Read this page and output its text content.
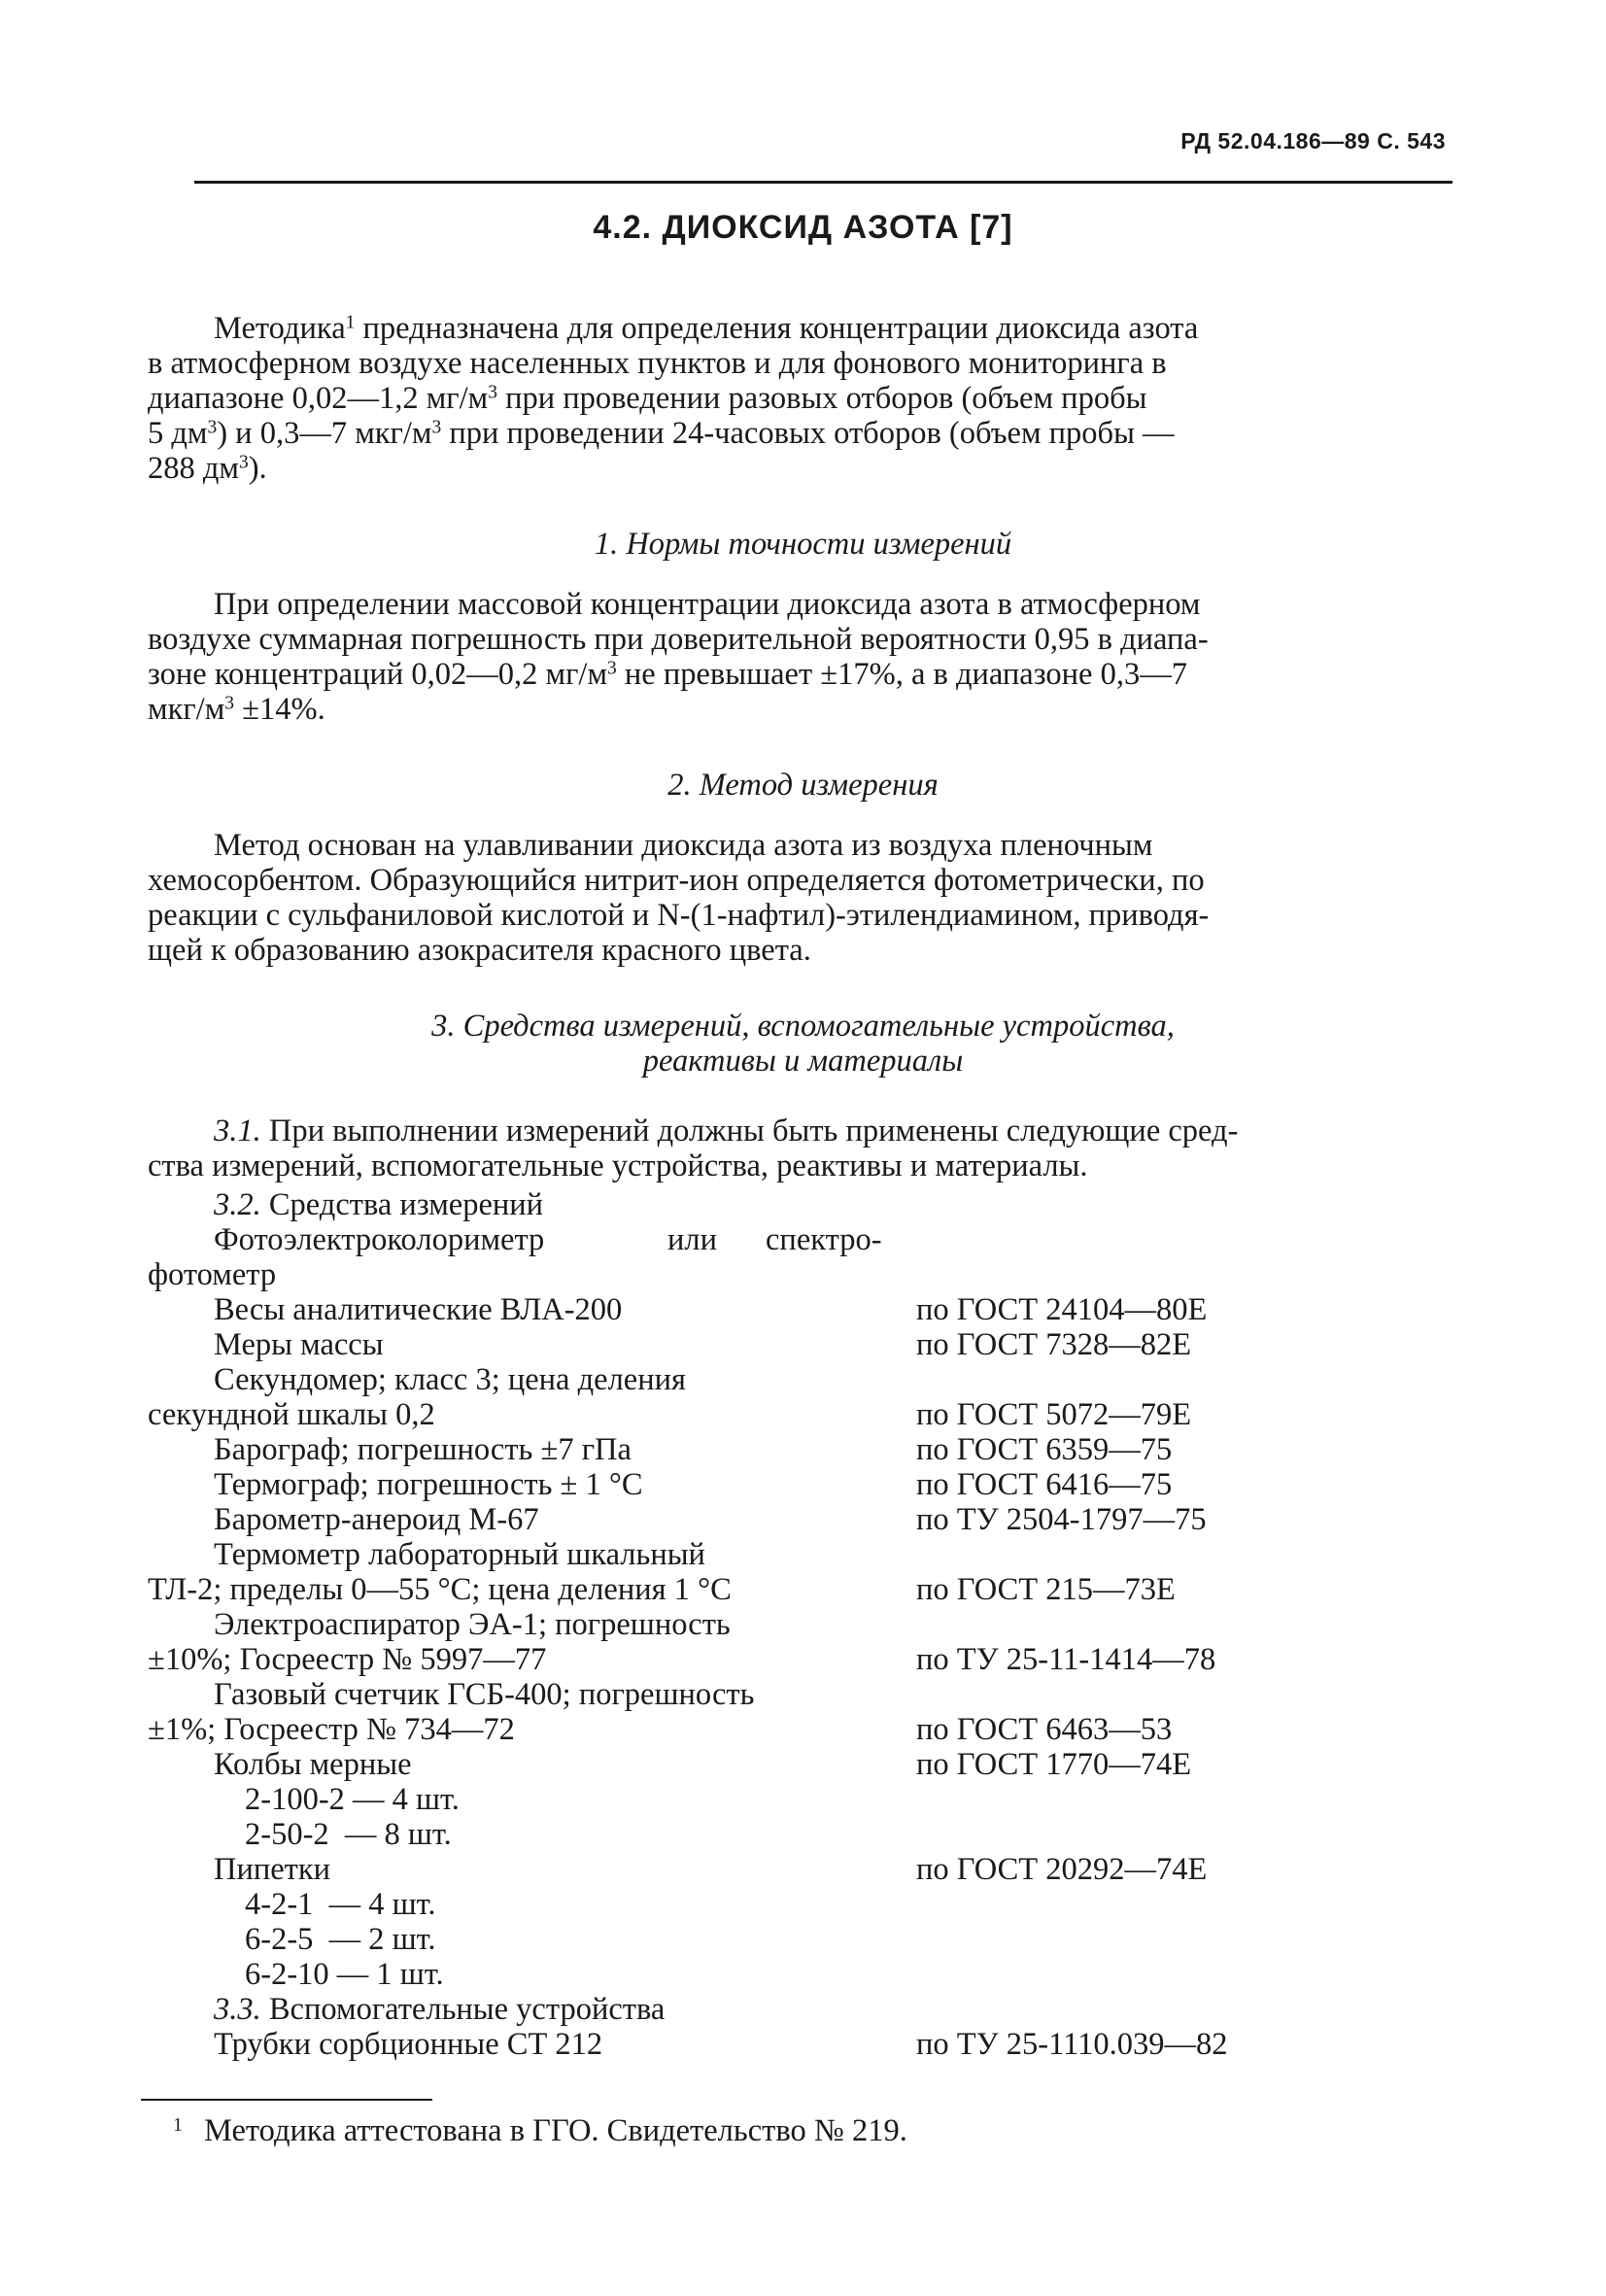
РД 52.04.186—89 С. 543
4.2. ДИОКСИД АЗОТА [7]
Методика$^1$ предназначена для определения концентрации диоксида азота
в атмосферном воздухе населенных пунктов и для фонового мониторинга в
диапазоне 0,02—1,2 $мг/м^3$ при проведении разовых отборов (объем пробы
5 $дм^3$) и 0,3—7 мкг/$м^3$ при проведении 24-часовых отборов (объем пробы —
288 $дм^3$).
1. Нормы точности измерений
При определении массовой концентрации диоксида азота в атмосферном
воздухе суммарная погрешность при доверительной вероятности 0,95 в диапа-
зоне концентраций 0,02—0,2 $мг/м^3$ не превышает ±17%, а в диапазоне 0,3—7
мкг/$м^3 \pm 14\%$.
2. Метод измерения
Метод основан на улавливании диоксида азота из воздуха пленочным
хемосорбентом. Образующийся нитрит-ион определяется фотометрически, по
реакции с сульфаниловой кислотой и N-(1-нафтил)-этилендиамином, приводя-
щей к образованию азокрасителя красного цвета.
3. Средства измерений, вспомогательные устройства,
реактивы и материалы
3.1. При выполнении измерений должны быть применены следующие сред-
ства измерений, вспомогательные устройства, реактивы и материалы.
3.2. Средства измерений
Фотоэлектроколориметр	или спектро-
фотометр
Весы аналитические ВЛА-200	по ГОСТ 24104—80Е
Меры массы	по ГОСТ 7328—82Е
Секундомер; класс 3; цена деления
секундной шкалы 0,2	по ГОСТ 5072—79Е
Барограф; погрешность ±7 гПа	по ГОСТ 6359—75
Термограф; погрешность ± 1 °С	по ГОСТ 6416—75
Барометр-анероид М-67	по ТУ 2504-1797—75
Термометр лабораторный шкальный
ТЛ-2; пределы 0—55 °С; цена деления 1 °С	по ГОСТ 215—73Е
Электроаспиратор ЭА-1; погрешность
±10%; Госреестр № 5997—77	по ТУ 25-11-1414—78
Газовый счетчик ГСБ-400; погрешность
±1%; Госреестр № 734—72	по ГОСТ 6463—53
Колбы мерные	по ГОСТ 1770—74Е
2-100-2 — 4 шт.
2-50-2  — 8 шт.
Пипетки	по ГОСТ 20292—74Е
4-2-1  — 4 шт.
6-2-5  — 2 шт.
6-2-10 — 1 шт.
3.3. Вспомогательные устройства
Трубки сорбционные СТ 212	по ТУ 25-1110.039—82
1 Методика аттестована в ГГО. Свидетельство № 219.
